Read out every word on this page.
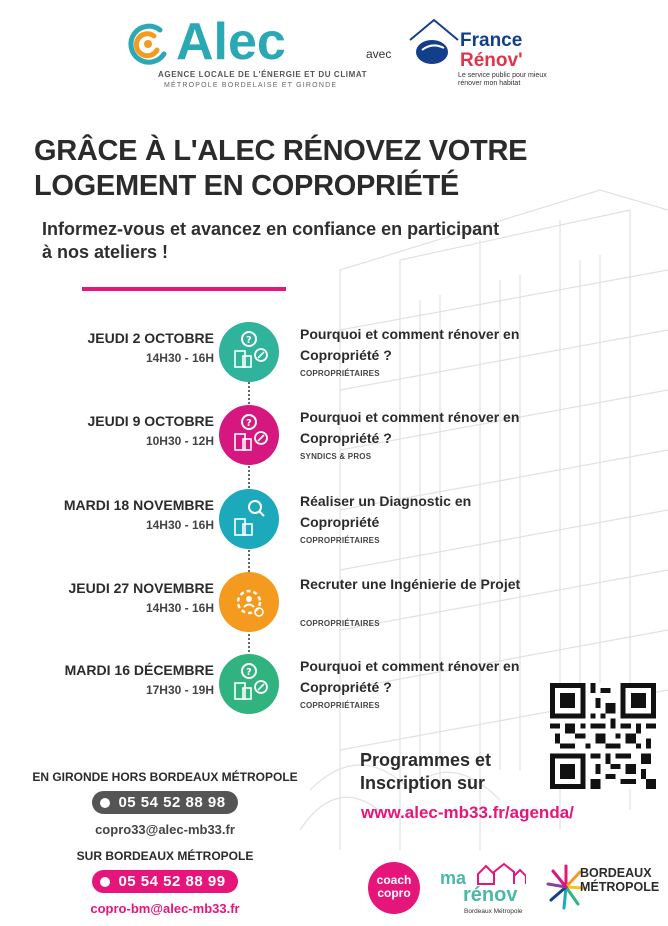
Alec
AGENCE LOCALE DE L'ÉNERGIE ET DU CLIMAT
MÉTROPOLE BORDELAISE ET GIRONDE
avec
France
Rénov'
Le service public pour mieux rénover mon habitat
GRÂCE À L'ALEC RÉNOVEZ VOTRE LOGEMENT EN COPROPRIÉTÉ
Informez-vous et avancez en confiance en participant à nos ateliers !
JEUDI 2 OCTOBRE
14H30 - 16H
?	Pourquoi et comment rénover en Copropriété ?
COPROPRIÉTAIRES
JEUDI 9 OCTOBRE
10H30 - 12H
?	Pourquoi et comment rénover en Copropriété ?
SYNDICS & PROS
MARDI 18 NOVEMBRE
14H30 - 16H
Réaliser un Diagnostic en Copropriété
COPROPRIÉTAIRES
JEUDI 27 NOVEMBRE
14H30 - 16H
Recruter une Ingénierie de Projet
COPROPRIÉTAIRES
MARDI 16 DÉCEMBRE
17H30 - 19H
?	Pourquoi et comment rénover en Copropriété ?
COPROPRIÉTAIRES
EN GIRONDE HORS BORDEAUX MÉTROPOLE
05 54 52 88 98
copro33@alec-mb33.fr
SUR BORDEAUX MÉTROPOLE
05 54 52 88 99
copro-bm@alec-mb33.fr
Programmes et Inscription sur
www.alec-mb33.fr/agenda/
coach copro
ma
rénov
Bordeaux Métropole
BORDEAUX MÉTROPOLE
